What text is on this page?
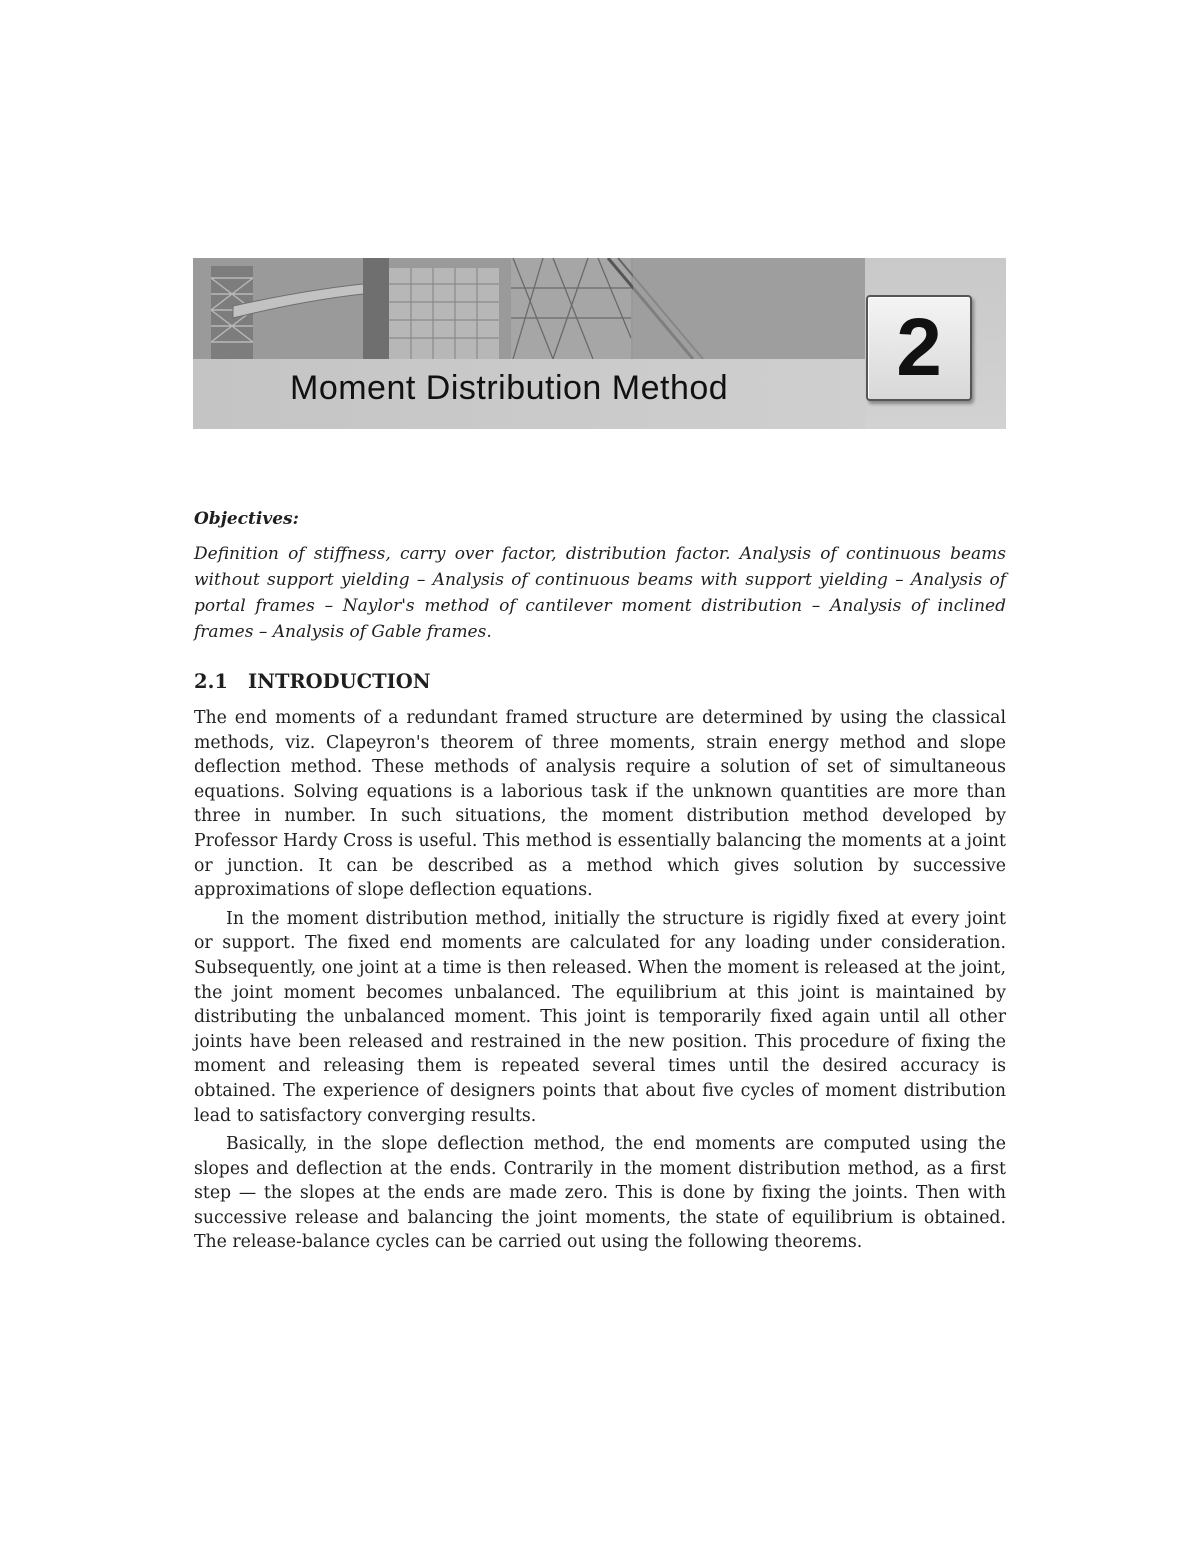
Moment Distribution Method	2

Objectives:

Definition of stiffness, carry over factor, distribution factor. Analysis of continuous beams without support yielding – Analysis of continuous beams with support yielding – Analysis of portal frames – Naylor's method of cantilever moment distribution – Analysis of inclined frames – Analysis of Gable frames.

2.1	INTRODUCTION

The end moments of a redundant framed structure are determined by using the classical methods, viz. Clapeyron's theorem of three moments, strain energy method and slope deflection method. These methods of analysis require a solution of set of simultaneous equations. Solving equations is a laborious task if the unknown quantities are more than three in number. In such situations, the moment distribution method developed by Professor Hardy Cross is useful. This method is essentially balancing the moments at a joint or junction. It can be described as a method which gives solution by successive approximations of slope deflection equations.

In the moment distribution method, initially the structure is rigidly fixed at every joint or support. The fixed end moments are calculated for any loading under consideration. Subsequently, one joint at a time is then released. When the moment is released at the joint, the joint moment becomes unbalanced. The equilibrium at this joint is maintained by distributing the unbalanced moment. This joint is temporarily fixed again until all other joints have been released and restrained in the new position. This procedure of fixing the moment and releasing them is repeated several times until the desired accuracy is obtained. The experience of designers points that about five cycles of moment distribution lead to satisfactory converging results.

Basically, in the slope deflection method, the end moments are computed using the slopes and deflection at the ends. Contrarily in the moment distribution method, as a first step — the slopes at the ends are made zero. This is done by fixing the joints. Then with successive release and balancing the joint moments, the state of equilibrium is obtained. The release-balance cycles can be carried out using the following theorems.
